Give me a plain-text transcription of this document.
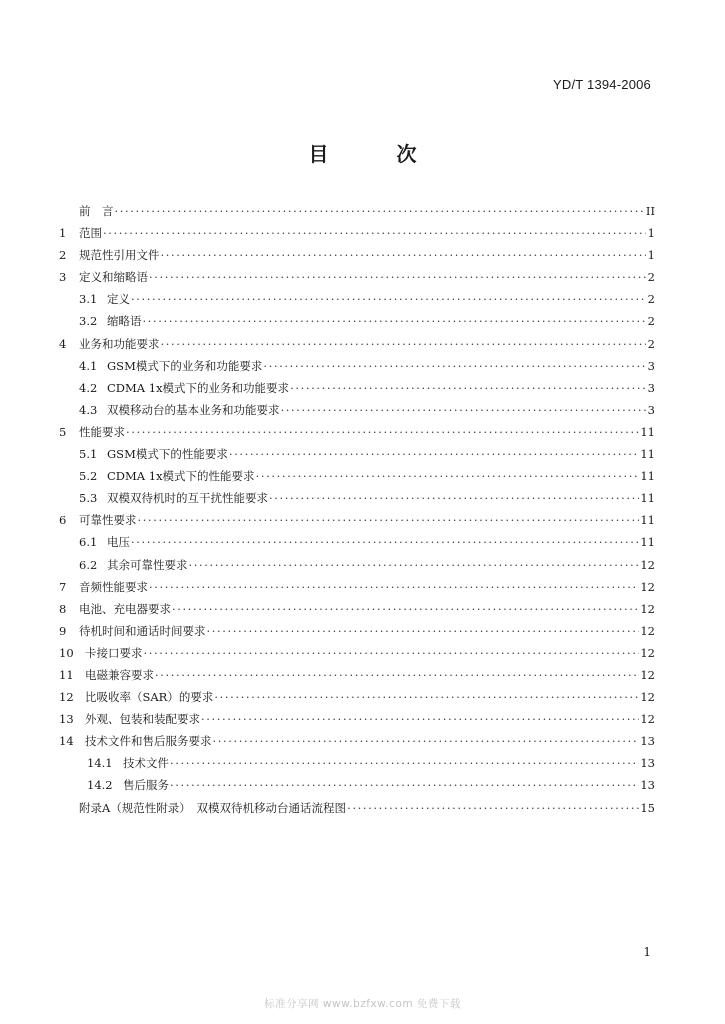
YD/T 1394-2006
目　次
前　言 ·····	II
1	范围 ·····	1
2	规范性引用文件 ·····	1
3	定义和缩略语 ·····	2
3.1 定义 ·····	2
3.2 缩略语 ·····	2
4	业务和功能要求 ·····	2
4.1 GSM模式下的业务和功能要求 ·····	3
4.2 CDMA 1x模式下的业务和功能要求 ·····	3
4.3 双模移动台的基本业务和功能要求 ·····	3
5	性能要求 ·····	11
5.1 GSM模式下的性能要求 ·····	11
5.2 CDMA 1x模式下的性能要求 ·····	11
5.3 双模双待机时的互干扰性能要求 ·····	11
6	可靠性要求 ·····	11
6.1 电压 ·····	11
6.2 其余可靠性要求 ·····	12
7	音频性能要求 ·····	12
8	电池、充电器要求 ·····	12
9	待机时间和通话时间要求 ·····	12
10 卡接口要求 ·····	12
11 电磁兼容要求 ·····	12
12 比吸收率（SAR）的要求 ·····	12
13 外观、包装和装配要求 ·····	12
14 技术文件和售后服务要求 ·····	13
14.1 技术文件 ·····	13
14.2 售后服务 ·····	13
附录A（规范性附录）　双模双待机移动台通话流程图 ·····	15
1
标准分享网 www.bzfxw.com 免费下载
